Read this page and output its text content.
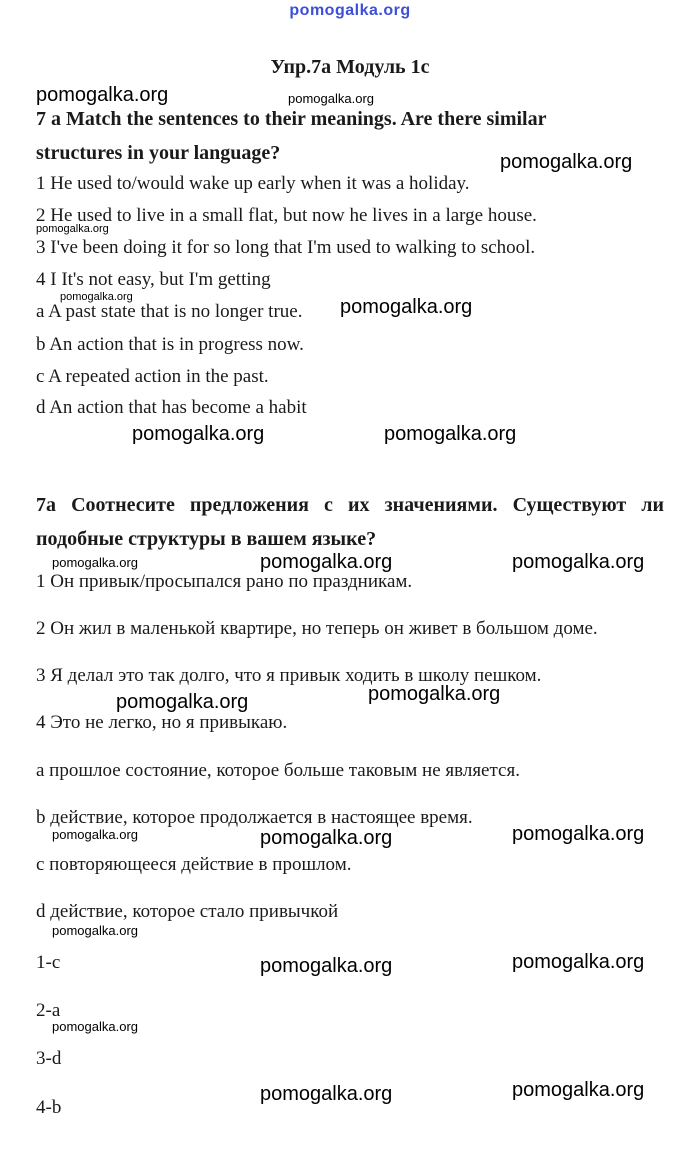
pomogalka.org
Упр.7а Модуль 1с
7 a Match the sentences to their meanings. Are there similar
structures in your language?
1 He used to/would wake up early when it was a holiday.
2 He used to live in a small flat, but now he lives in a large house.
3 I've been doing it for so long that I'm used to walking to school.
4 I It's not easy, but I'm getting
a A past state that is no longer true.
b An action that is in progress now.
c A repeated action in the past.
d An action that has become a habit
7a Соотнесите предложения с их значениями. Существуют ли подобные структуры в вашем языке?
1 Он привык/просыпался рано по праздникам.
2 Он жил в маленькой квартире, но теперь он живет в большом доме.
3 Я делал это так долго, что я привык ходить в школу пешком.
4 Это не легко, но я привыкаю.
a прошлое состояние, которое больше таковым не является.
b действие, которое продолжается в настоящее время.
c повторяющееся действие в прошлом.
d действие, которое стало привычкой
1-c
2-a
3-d
4-b
pomogalka.org	pomogalka.org
pomogalka.org
pomogalka.org
pomogalka.org	pomogalka.org
pomogalka.org	pomogalka.org
pomogalka.org	pomogalka.org	pomogalka.org
pomogalka.org	pomogalka.org
pomogalka.org	pomogalka.org	pomogalka.org
pomogalka.org
pomogalka.org	pomogalka.org
pomogalka.org
pomogalka.org	pomogalka.org
